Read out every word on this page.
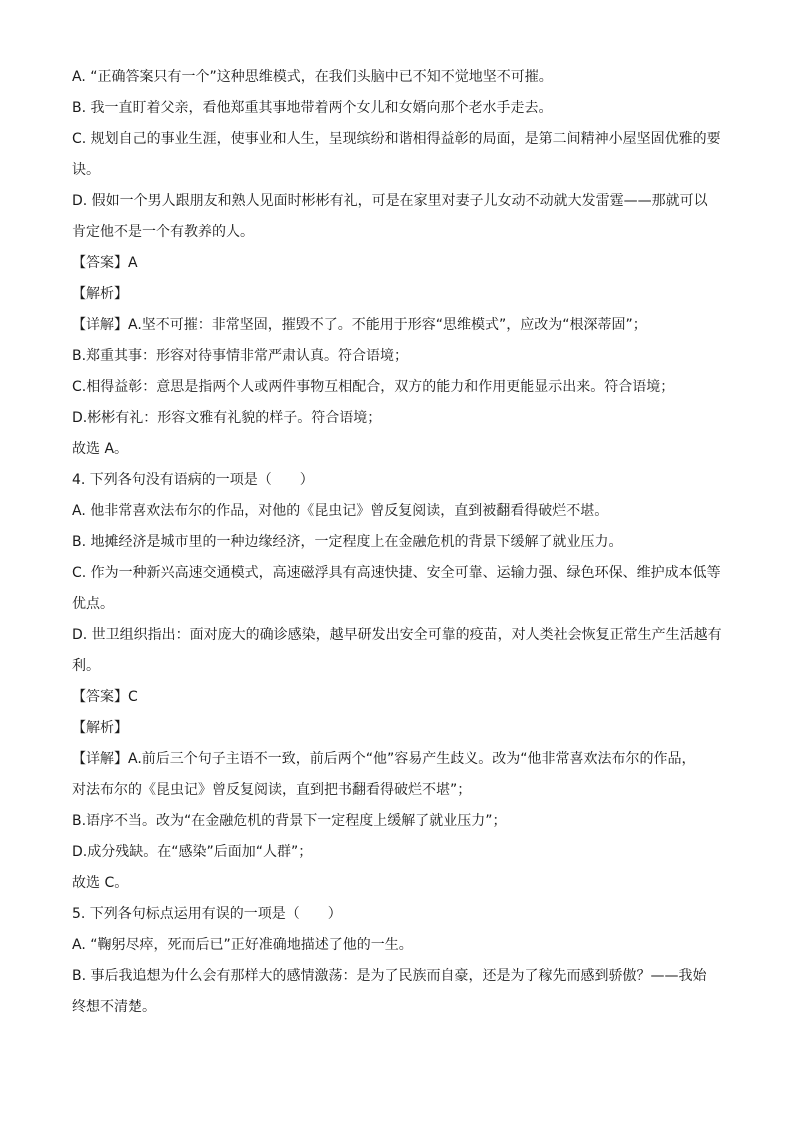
A. “正确答案只有一个”这种思维模式，在我们头脑中已不知不觉地坚不可摧。
B. 我一直盯着父亲，看他郑重其事地带着两个女儿和女婿向那个老水手走去。
C. 规划自己的事业生涯，使事业和人生，呈现缤纷和谐相得益彰的局面，是第二间精神小屋坚固优雅的要
诀。
D. 假如一个男人跟朋友和熟人见面时彬彬有礼，可是在家里对妻子儿女动不动就大发雷霆——那就可以
肯定他不是一个有教养的人。
【答案】A
【解析】
【详解】A.坚不可摧：非常坚固，摧毁不了。不能用于形容“思维模式”，应改为“根深蒂固”；
B.郑重其事：形容对待事情非常严肃认真。符合语境；
C.相得益彰：意思是指两个人或两件事物互相配合，双方的能力和作用更能显示出来。符合语境；
D.彬彬有礼：形容文雅有礼貌的样子。符合语境；
故选 A。
4. 下列各句没有语病的一项是（　　）
A. 他非常喜欢法布尔的作品，对他的《昆虫记》曾反复阅读，直到被翻看得破烂不堪。
B. 地摊经济是城市里的一种边缘经济，一定程度上在金融危机的背景下缓解了就业压力。
C. 作为一种新兴高速交通模式，高速磁浮具有高速快捷、安全可靠、运输力强、绿色环保、维护成本低等
优点。
D. 世卫组织指出：面对庞大的确诊感染，越早研发出安全可靠的疫苗，对人类社会恢复正常生产生活越有
利。
【答案】C
【解析】
【详解】A.前后三个句子主语不一致，前后两个“他”容易产生歧义。改为“他非常喜欢法布尔的作品，
对法布尔的《昆虫记》曾反复阅读，直到把书翻看得破烂不堪”；
B.语序不当。改为“在金融危机的背景下一定程度上缓解了就业压力”；
D.成分残缺。在“感染”后面加“人群”；
故选 C。
5. 下列各句标点运用有误的一项是（　　）
A. “鞠躬尽瘁，死而后已”正好准确地描述了他的一生。
B. 事后我追想为什么会有那样大的感情激荡：是为了民族而自豪，还是为了稼先而感到骄傲？——我始
终想不清楚。
